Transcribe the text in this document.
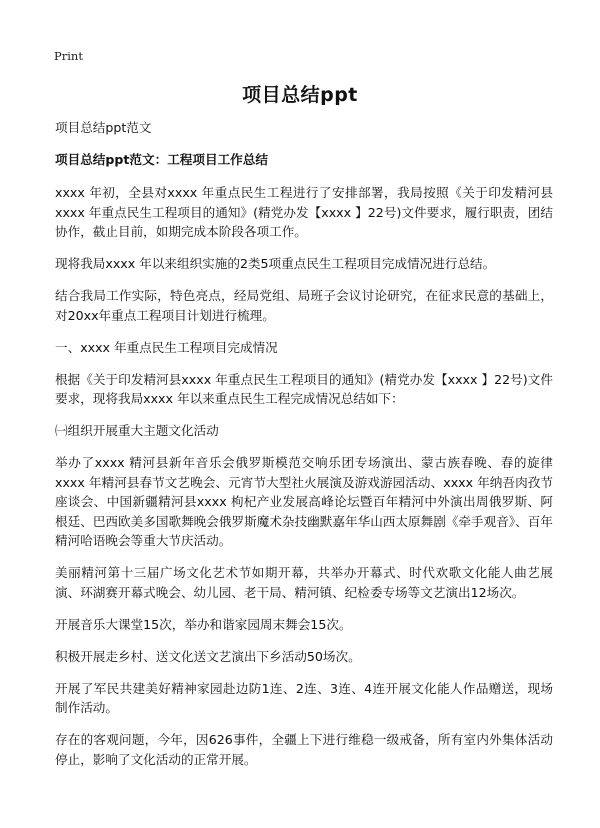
Print
项目总结ppt

项目总结ppt范文

项目总结ppt范文：工程项目工作总结

xxxx 年初，全县对xxxx 年重点民生工程进行了安排部署，我局按照《关于印发精河县xxxx 年重点民生工程项目的通知》(精党办发【xxxx 】22号)文件要求，履行职责，团结协作，截止目前，如期完成本阶段各项工作。

现将我局xxxx 年以来组织实施的2类5项重点民生工程项目完成情况进行总结。

结合我局工作实际，特色亮点，经局党组、局班子会议讨论研究，在征求民意的基础上，对20xx年重点工程项目计划进行梳理。

一、xxxx 年重点民生工程项目完成情况

根据《关于印发精河县xxxx 年重点民生工程项目的通知》(精党办发【xxxx 】22号)文件要求，现将我局xxxx 年以来重点民生工程完成情况总结如下：

㈠组织开展重大主题文化活动

举办了xxxx 精河县新年音乐会俄罗斯模范交响乐团专场演出、蒙古族春晚、春的旋律xxxx 年精河县春节文艺晚会、元宵节大型社火展演及游戏游园活动、xxxx 年纳吾肉孜节座谈会、中国新疆精河县xxxx 枸杞产业发展高峰论坛暨百年精河中外演出周俄罗斯、阿根廷、巴西欧美多国歌舞晚会俄罗斯魔术杂技幽默嘉年华山西太原舞剧《牵手观音》、百年精河哈语晚会等重大节庆活动。

美丽精河第十三届广场文化艺术节如期开幕，共举办开幕式、时代欢歌文化能人曲艺展演、环湖赛开幕式晚会、幼儿园、老干局、精河镇、纪检委专场等文艺演出12场次。

开展音乐大课堂15次，举办和谐家园周末舞会15次。

积极开展走乡村、送文化送文艺演出下乡活动50场次。

开展了军民共建美好精神家园赴边防1连、2连、3连、4连开展文化能人作品赠送，现场制作活动。

存在的客观问题，今年，因626事件，全疆上下进行维稳一级戒备，所有室内外集体活动停止，影响了文化活动的正常开展。
